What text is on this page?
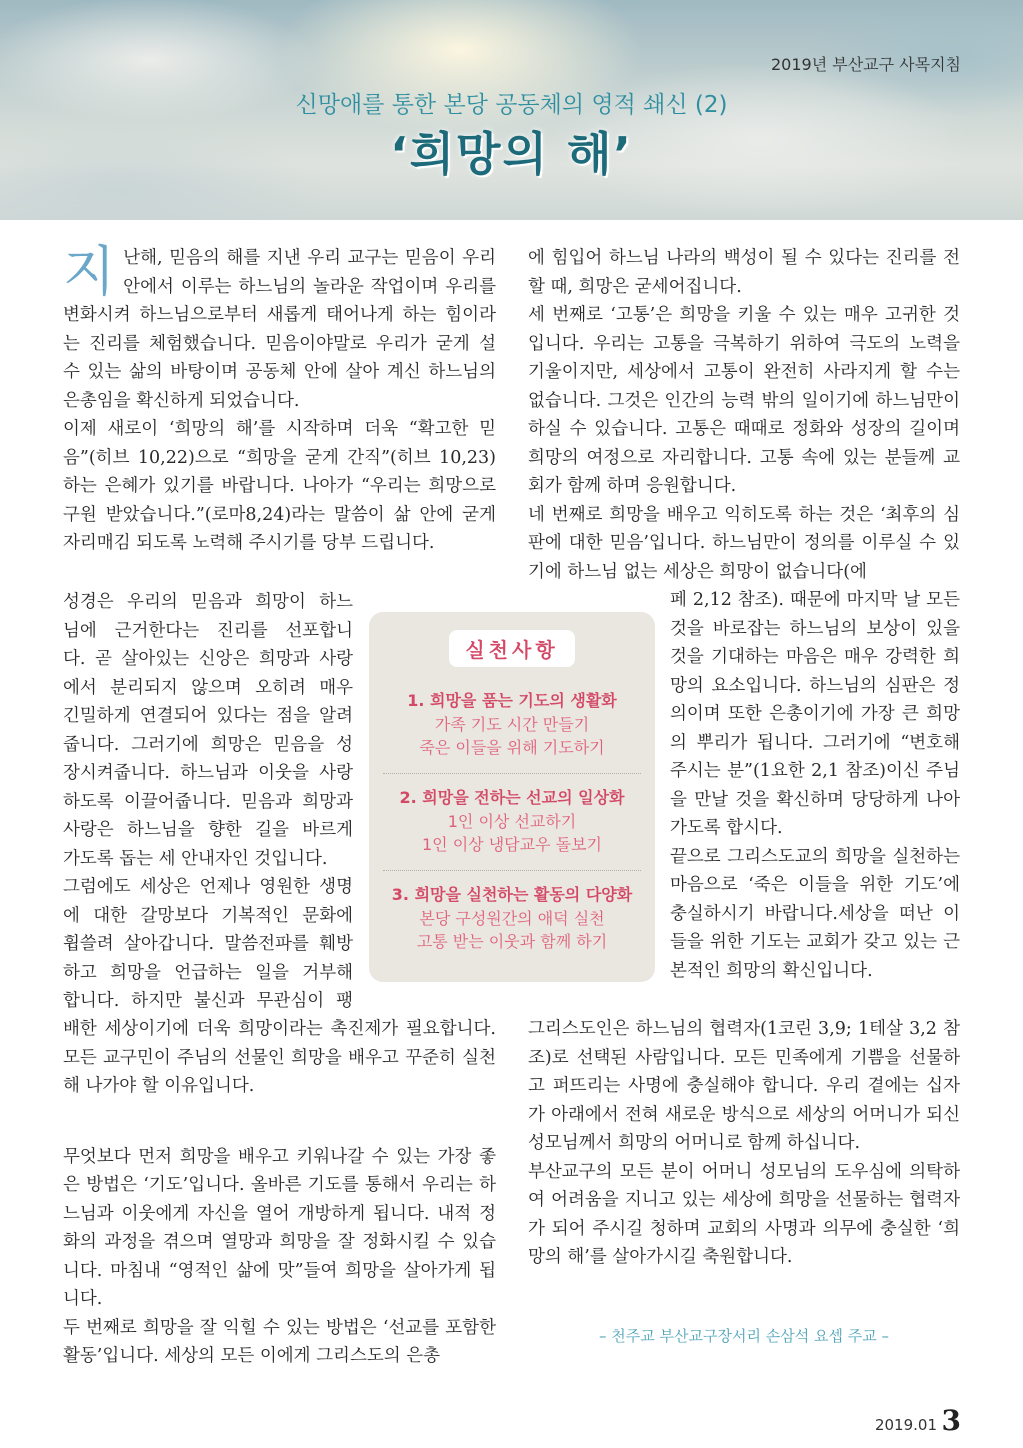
2019년 부산교구 사목지침
신망애를 통한 본당 공동체의 영적 쇄신 (2)
‘희망의 해’

지난해, 믿음의 해를 지낸 우리 교구는 믿음이 우리 안에서 이루는 하느님의 놀라운 작업이며 우리를 변화시켜 하느님으로부터 새롭게 태어나게 하는 힘이라는 진리를 체험했습니다. 믿음이야말로 우리가 굳게 설 수 있는 삶의 바탕이며 공동체 안에 살아 계신 하느님의 은총임을 확신하게 되었습니다.

이제 새로이 ‘희망의 해’를 시작하며 더욱 “확고한 믿음”(히브 10,22)으로 “희망을 굳게 간직”(히브 10,23)하는 은혜가 있기를 바랍니다. 나아가 “우리는 희망으로 구원 받았습니다.”(로마8,24)라는 말씀이 삶 안에 굳게 자리매김 되도록 노력해 주시기를 당부 드립니다.

성경은 우리의 믿음과 희망이 하느
님에 근거한다는 진리를 선포합니
다. 곧 살아있는 신앙은 희망과 사랑
에서 분리되지 않으며 오히려 매우
긴밀하게 연결되어 있다는 점을 알려
줍니다. 그러기에 희망은 믿음을 성
장시켜줍니다. 하느님과 이웃을 사랑
하도록 이끌어줍니다. 믿음과 희망과
사랑은 하느님을 향한 길을 바르게
가도록 돕는 세 안내자인 것입니다.
그럼에도 세상은 언제나 영원한 생명
에 대한 갈망보다 기복적인 문화에
휩쓸려 살아갑니다. 말씀전파를 훼방
하고 희망을 언급하는 일을 거부해
합니다. 하지만 불신과 무관심이 팽

배한 세상이기에 더욱 희망이라는 촉진제가 필요합니다. 모든 교구민이 주님의 선물인 희망을 배우고 꾸준히 실천해 나가야 할 이유입니다.

무엇보다 먼저 희망을 배우고 키워나갈 수 있는 가장 좋은 방법은 ‘기도’입니다. 올바른 기도를 통해서 우리는 하느님과 이웃에게 자신을 열어 개방하게 됩니다. 내적 정화의 과정을 겪으며 열망과 희망을 잘 정화시킬 수 있습니다. 마침내 “영적인 삶에 맛”들여 희망을 살아가게 됩니다.

두 번째로 희망을 잘 익힐 수 있는 방법은 ‘선교를 포함한 활동’입니다. 세상의 모든 이에게 그리스도의 은총

에 힘입어 하느님 나라의 백성이 될 수 있다는 진리를 전할 때, 희망은 굳세어집니다.

세 번째로 ‘고통’은 희망을 키울 수 있는 매우 고귀한 것입니다. 우리는 고통을 극복하기 위하여 극도의 노력을 기울이지만, 세상에서 고통이 완전히 사라지게 할 수는 없습니다. 그것은 인간의 능력 밖의 일이기에 하느님만이 하실 수 있습니다. 고통은 때때로 정화와 성장의 길이며 희망의 여정으로 자리합니다. 고통 속에 있는 분들께 교회가 함께 하며 응원합니다.

네 번째로 희망을 배우고 익히도록 하는 것은 ‘최후의 심판에 대한 믿음’입니다. 하느님만이 정의를 이루실 수 있기에 하느님 없는 세상은 희망이 없습니다(에

페 2,12 참조). 때문에 마지막 날 모든 것을 바로잡는 하느님의 보상이 있을 것을 기대하는 마음은 매우 강력한 희망의 요소입니다. 하느님의 심판은 정의이며 또한 은총이기에 가장 큰 희망의 뿌리가 됩니다. 그러기에 “변호해 주시는 분”(1요한 2,1 참조)이신 주님을 만날 것을 확신하며 당당하게 나아가도록 합시다.

끝으로 그리스도교의 희망을 실천하는 마음으로 ‘죽은 이들을 위한 기도’에 충실하시기 바랍니다.세상을 떠난 이들을 위한 기도는 교회가 갖고 있는 근본적인 희망의 확신입니다.

그리스도인은 하느님의 협력자(1코린 3,9; 1테살 3,2 참조)로 선택된 사람입니다. 모든 민족에게 기쁨을 선물하고 퍼뜨리는 사명에 충실해야 합니다. 우리 곁에는 십자가 아래에서 전혀 새로운 방식으로 세상의 어머니가 되신 성모님께서 희망의 어머니로 함께 하십니다.

부산교구의 모든 분이 어머니 성모님의 도우심에 의탁하여 어려움을 지니고 있는 세상에 희망을 선물하는 협력자가 되어 주시길 청하며 교회의 사명과 의무에 충실한 ‘희망의 해’를 살아가시길 축원합니다.

– 천주교 부산교구장서리 손삼석 요셉 주교 –
실천사항
1. 희망을 품는 기도의 생활화
가족 기도 시간 만들기
죽은 이들을 위해 기도하기
2. 희망을 전하는 선교의 일상화
1인 이상 선교하기
1인 이상 냉담교우 돌보기
3. 희망을 실천하는 활동의 다양화
본당 구성원간의 애덕 실천
고통 받는 이웃과 함께 하기
2019.01 3
